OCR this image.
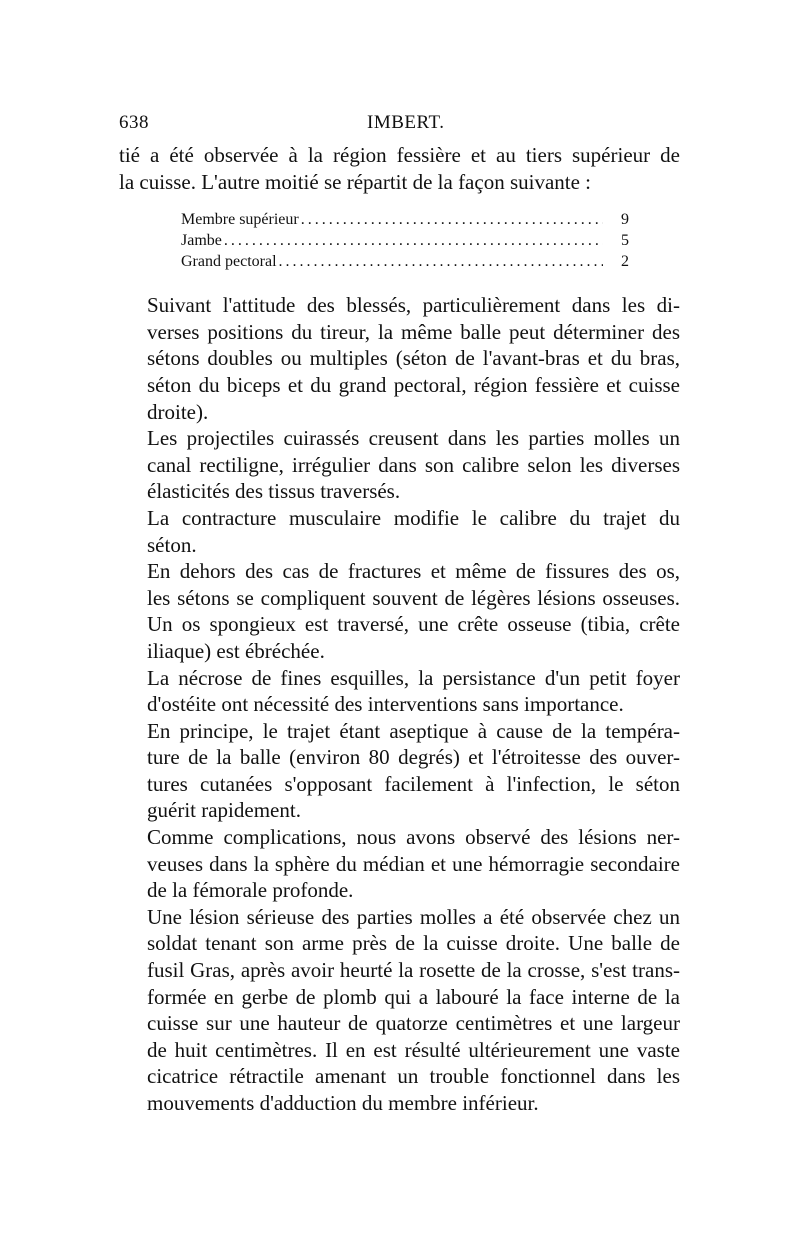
638	IMBERT.

tié a été observée à la région fessière et au tiers supérieur de
la cuisse. L'autre moitié se répartit de la façon suivante :

Membre supérieur .....	9
Jambe .....	5
Grand pectoral .....	2

Suivant l'attitude des blessés, particulièrement dans les di-
verses positions du tireur, la même balle peut déterminer des
sétons doubles ou multiples (séton de l'avant-bras et du bras,
séton du biceps et du grand pectoral, région fessière et cuisse
droite).

Les projectiles cuirassés creusent dans les parties molles un
canal rectiligne, irrégulier dans son calibre selon les diverses
élasticités des tissus traversés.

La contracture musculaire modifie le calibre du trajet du
séton.

En dehors des cas de fractures et même de fissures des os,
les sétons se compliquent souvent de légères lésions osseuses.
Un os spongieux est traversé, une crête osseuse (tibia, crête
iliaque) est ébréchée.

La nécrose de fines esquilles, la persistance d'un petit foyer
d'ostéite ont nécessité des interventions sans importance.

En principe, le trajet étant aseptique à cause de la tempéra-
ture de la balle (environ 80 degrés) et l'étroitesse des ouver-
tures cutanées s'opposant facilement à l'infection, le séton
guérit rapidement.

Comme complications, nous avons observé des lésions ner-
veuses dans la sphère du médian et une hémorragie secondaire
de la fémorale profonde.

Une lésion sérieuse des parties molles a été observée chez un
soldat tenant son arme près de la cuisse droite. Une balle de
fusil Gras, après avoir heurté la rosette de la crosse, s'est trans-
formée en gerbe de plomb qui a labouré la face interne de la
cuisse sur une hauteur de quatorze centimètres et une largeur
de huit centimètres. Il en est résulté ultérieurement une vaste
cicatrice rétractile amenant un trouble fonctionnel dans les
mouvements d'adduction du membre inférieur.
